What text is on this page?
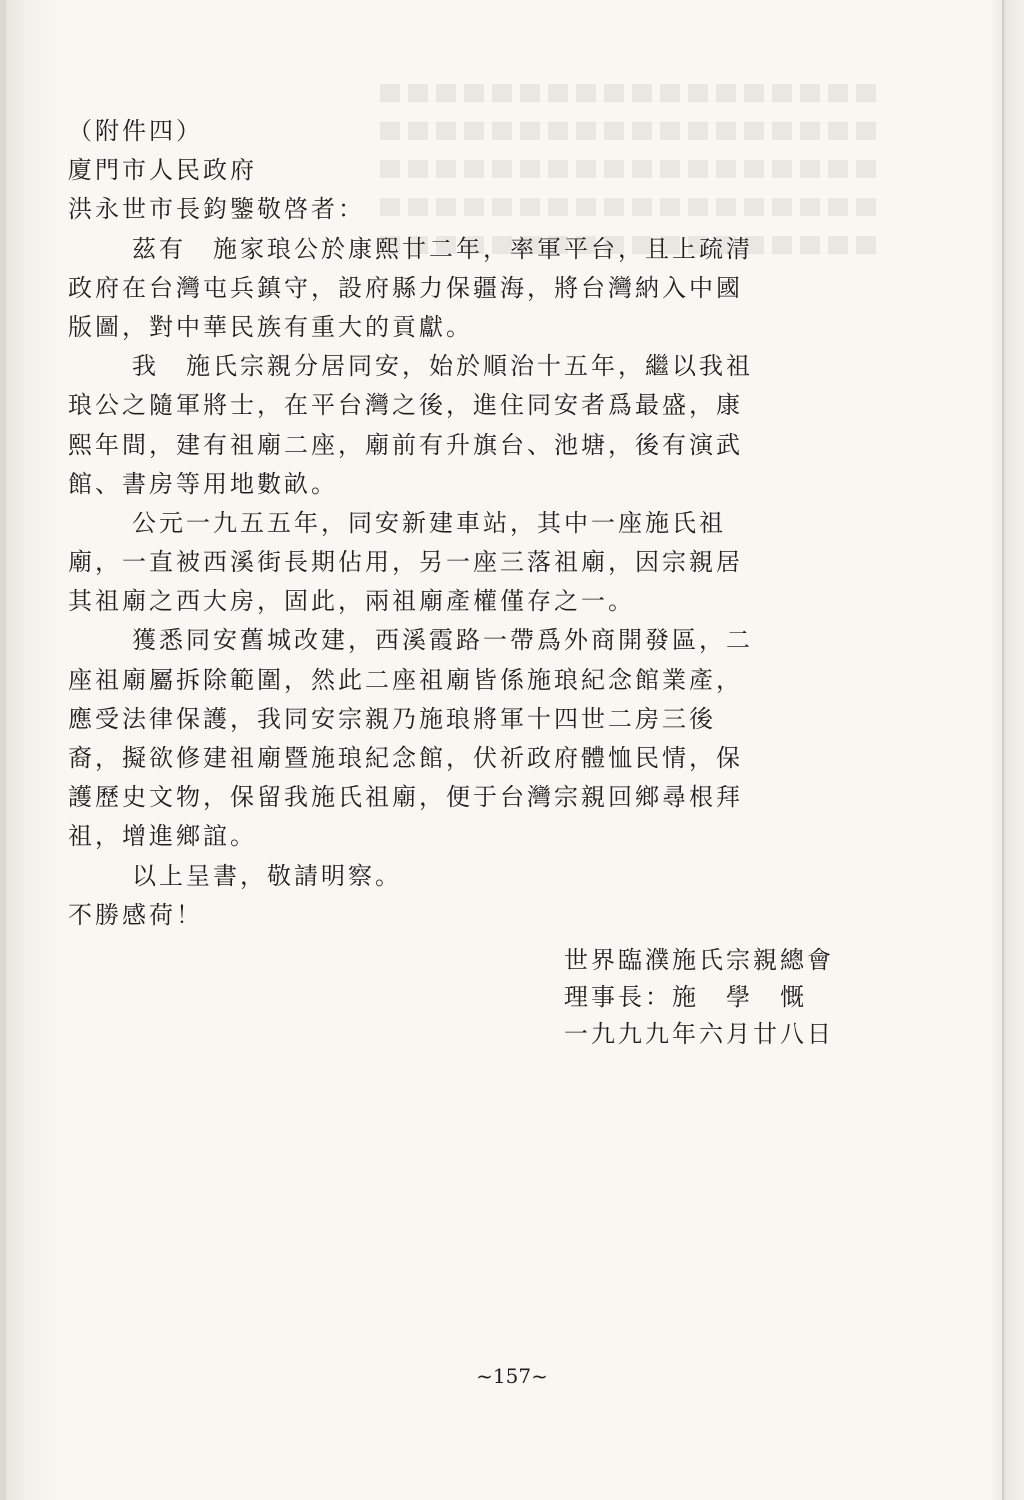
（附件四）
廈門市人民政府
洪永世市長鈞鑒敬啓者：
茲有　施家琅公於康熙廿二年，率軍平台，且上疏清
政府在台灣屯兵鎮守，設府縣力保疆海，將台灣納入中國
版圖，對中華民族有重大的貢獻。
我　施氏宗親分居同安，始於順治十五年，繼以我祖
琅公之隨軍將士，在平台灣之後，進住同安者爲最盛，康
熙年間，建有祖廟二座，廟前有升旗台、池塘，後有演武
館、書房等用地數畝。
公元一九五五年，同安新建車站，其中一座施氏祖
廟，一直被西溪街長期佔用，另一座三落祖廟，因宗親居
其祖廟之西大房，固此，兩祖廟產權僅存之一。
獲悉同安舊城改建，西溪霞路一帶爲外商開發區，二
座祖廟屬拆除範圍，然此二座祖廟皆係施琅紀念館業產，
應受法律保護，我同安宗親乃施琅將軍十四世二房三後
裔，擬欲修建祖廟暨施琅紀念館，伏祈政府體恤民情，保
護歷史文物，保留我施氏祖廟，便于台灣宗親回鄉尋根拜
祖，增進鄉誼。
以上呈書，敬請明察。
不勝感荷！
世界臨濮施氏宗親總會
理事長：施　學　慨
一九九九年六月廿八日
~157~
